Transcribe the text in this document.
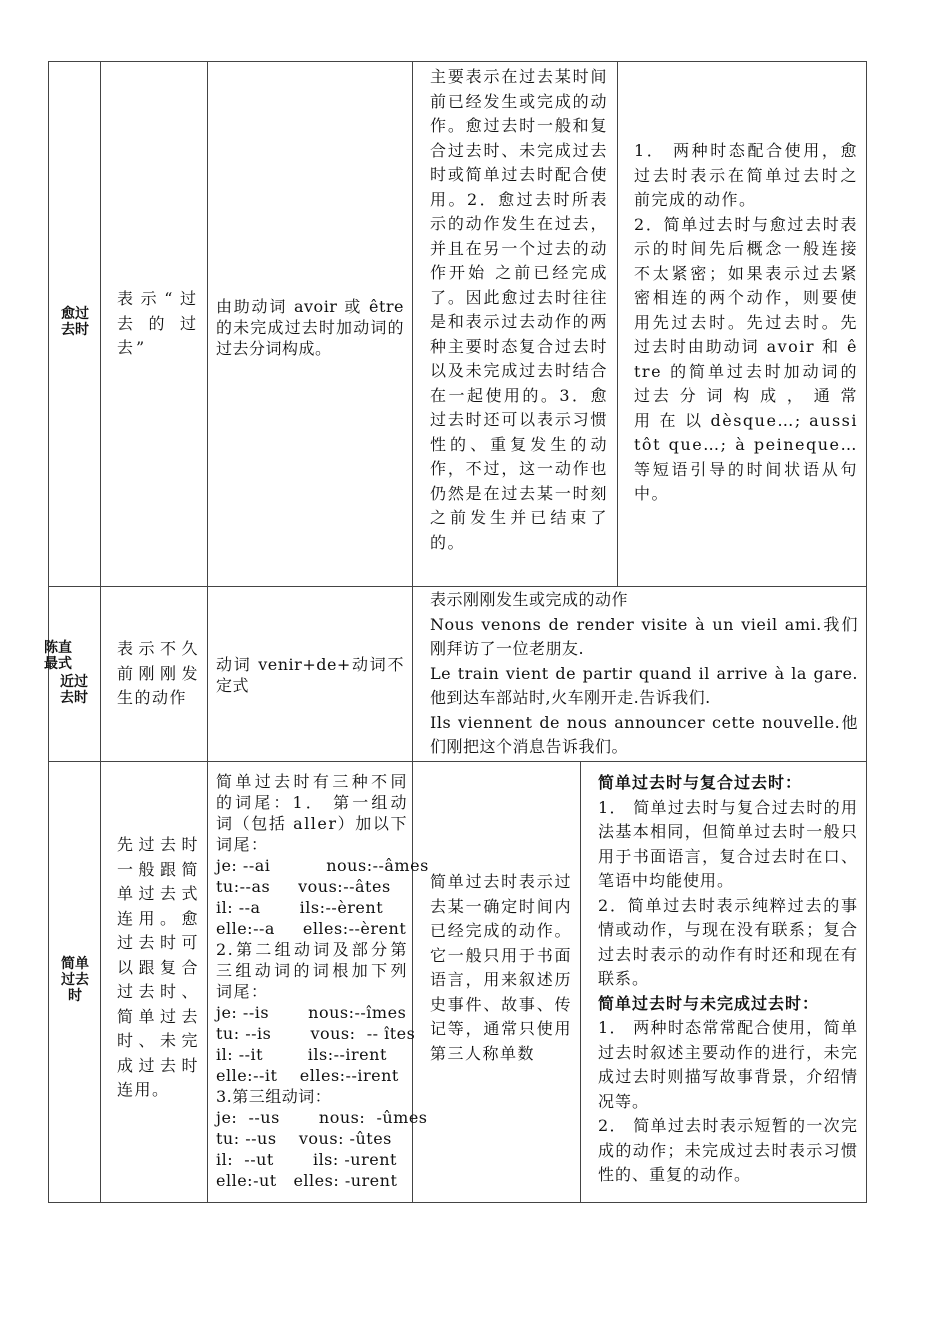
愈过去时
表示“过去的过去”
由助动词 avoir 或 être 的未完成过去时加动词的过去分词构成。
主要表示在过去某时间前已经发生或完成的动作。愈过去时一般和复 合过去时、未完成过去时或简单过去时配合使用。2．愈过去时所表示的动作发生在过去，并且在另一个过去的动作开始 之前已经完成了。因此愈过去时往往是和表示过去动作的两种主要时态复合过去时以及未完成过去时结合在一起使用的。3．愈过去时还可以表示习惯性的、重复发生的动作，不过，这一动作也仍然是在过去某一时刻之前发生并已结束了的。
1． 两种时态配合使用，愈过去时表示在简单过去时之前完成的动作。
2．简单过去时与愈过去时表示的时间先后概念一般连接不太紧密；如果表示过去紧密相连的两个动作，则要使用先过去时。先过去时。先过去时由助动词 avoir 和 être 的简单过去时加动词的过去 分 词 构 成 ， 通 常 用 在 以 dèsque…; aussitôt que…; à peineque…等短语引导的时间状语从句中。
陈直最式
近过去时
表示不久前刚刚发生的动作
动词 venir+de+动词不定式
表示刚刚发生或完成的动作
Nous venons de render visite à un vieil ami.我们刚拜访了一位老朋友.
Le train vient de partir quand il arrive à la gare. 他到达车部站时,火车刚开走.告诉我们.
Ils viennent de nous announcer cette nouvelle.他们刚把这个消息告诉我们。
简单过去时
先过去时一般跟简单过去式连用。愈过去时可以跟复合过去时、简单过去时、未完成过去时连用。
简单过去时有三种不同的词尾：1． 第一组动词（包括 aller）加以下词尾：
je: --ai          nous:--âmes
tu:--as     vous:--âtes
il: --a       ils:--èrent
elle:--a     elles:--èrent
2.第二组动词及部分第三组动词的词根加下列词尾：
je: --is       nous:--îmes
tu: --is       vous:  -- îtes
il: --it        ils:--irent
elle:--it    elles:--irent
3.第三组动词：
je:  --us       nous:  -ûmes
tu: --us    vous: -ûtes
il:  --ut       ils: -urent
elle:-ut   elles: -urent
简单过去时表示过去某一确定时间内已经完成的动作。它一般只用于书面语言，用来叙述历史事件、故事、传记等，通常只使用第三人称单数
简单过去时与复合过去时：
1． 简单过去时与复合过去时的用法基本相同，但简单过去时一般只用于书面语言，复合过去时在口、笔语中均能使用。
2．简单过去时表示纯粹过去的事情或动作，与现在没有联系；复合过去时表示的动作有时还和现在有联系。
简单过去时与未完成过去时：
1． 两种时态常常配合使用，简单过去时叙述主要动作的进行，未完成过去时则描写故事背景，介绍情况等。
2． 简单过去时表示短暂的一次完成的动作；未完成过去时表示习惯性的、重复的动作。
